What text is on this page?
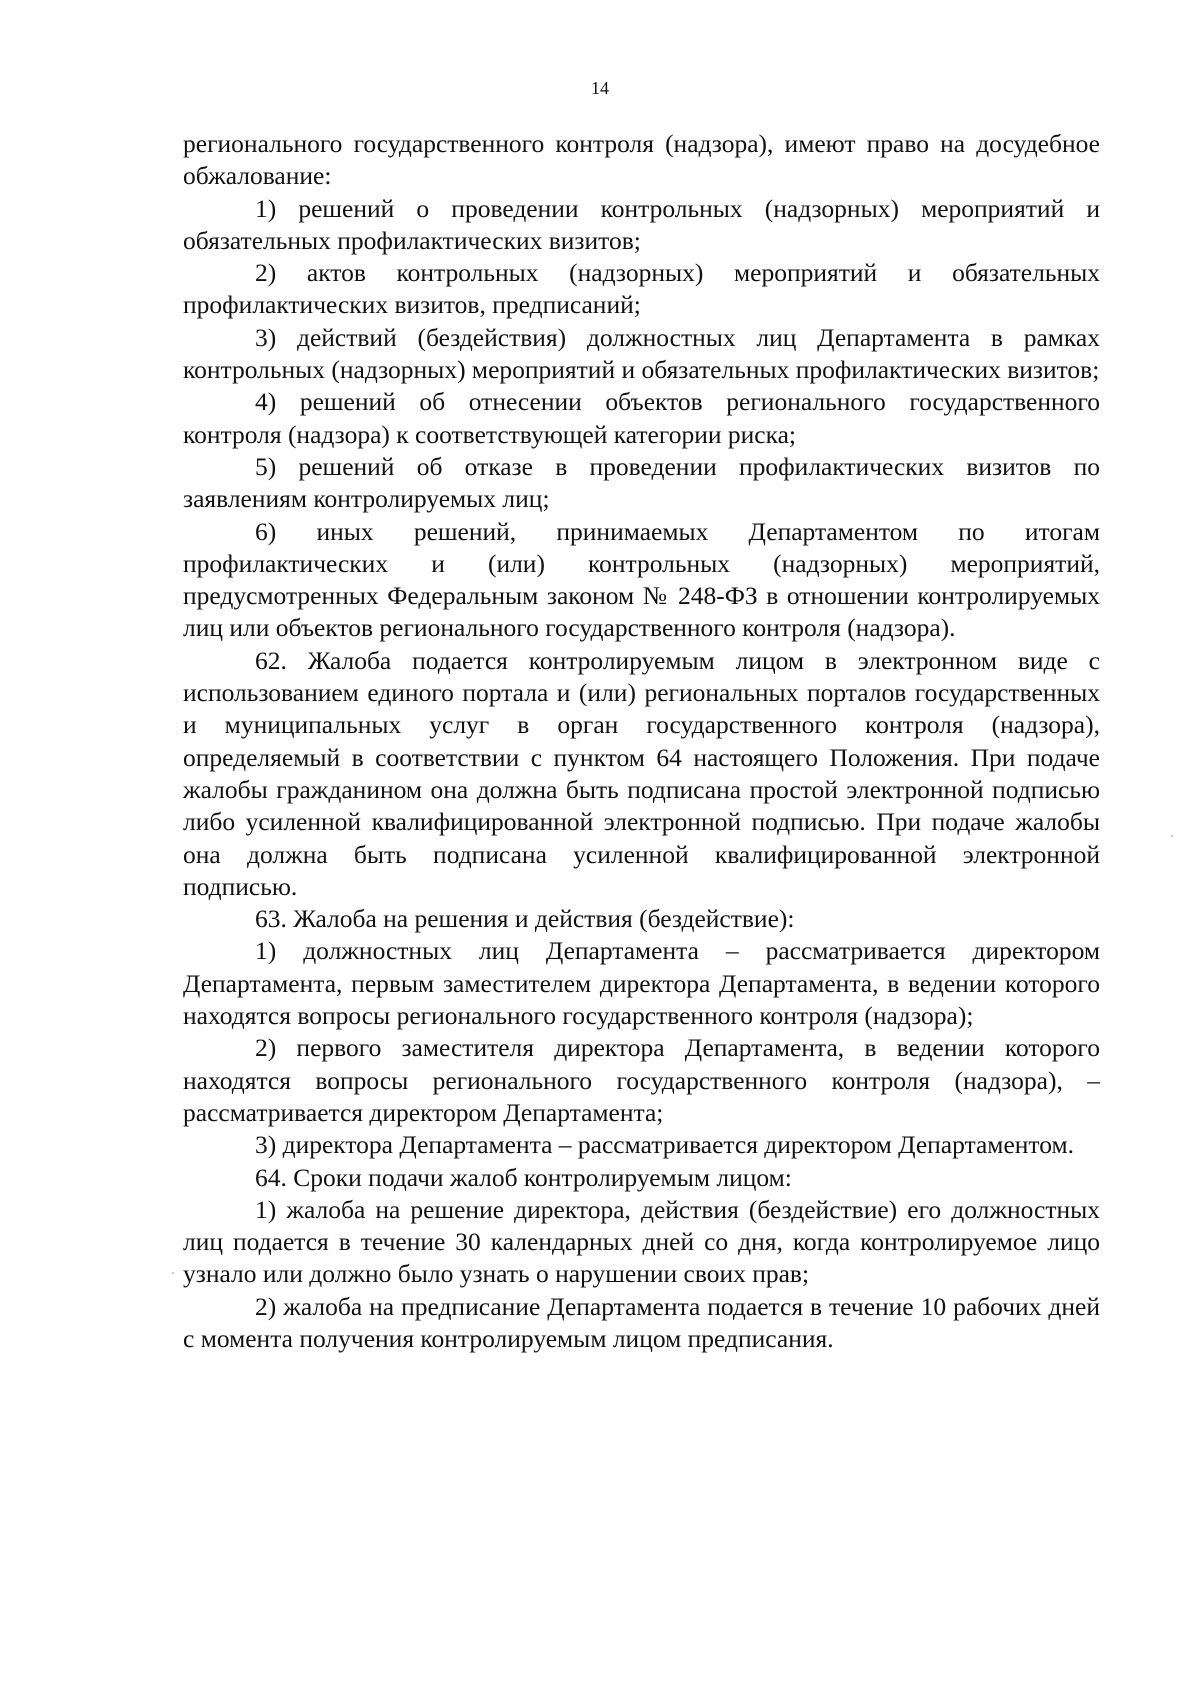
14

регионального государственного контроля (надзора), имеют право на досудебное обжалование:

1) решений о проведении контрольных (надзорных) мероприятий и обязательных профилактических визитов;

2) актов контрольных (надзорных) мероприятий и обязательных профилактических визитов, предписаний;

3) действий (бездействия) должностных лиц Департамента в рамках контрольных (надзорных) мероприятий и обязательных профилактических визитов;

4) решений об отнесении объектов регионального государственного контроля (надзора) к соответствующей категории риска;

5) решений об отказе в проведении профилактических визитов по заявлениям контролируемых лиц;

6) иных решений, принимаемых Департаментом по итогам профилактических и (или) контрольных (надзорных) мероприятий, предусмотренных Федеральным законом № 248-ФЗ в отношении контролируемых лиц или объектов регионального государственного контроля (надзора).

62. Жалоба подается контролируемым лицом в электронном виде с использованием единого портала и (или) региональных порталов государственных и муниципальных услуг в орган государственного контроля (надзора), определяемый в соответствии с пунктом 64 настоящего Положения. При подаче жалобы гражданином она должна быть подписана простой электронной подписью либо усиленной квалифицированной электронной подписью. При подаче жалобы она должна быть подписана усиленной квалифицированной электронной подписью.

63. Жалоба на решения и действия (бездействие):

1) должностных лиц Департамента – рассматривается директором Департамента, первым заместителем директора Департамента, в ведении которого находятся вопросы регионального государственного контроля (надзора);

2) первого заместителя директора Департамента, в ведении которого находятся вопросы регионального государственного контроля (надзора), – рассматривается директором Департамента;

3) директора Департамента – рассматривается директором Департаментом.

64. Сроки подачи жалоб контролируемым лицом:

1) жалоба на решение директора, действия (бездействие) его должностных лиц подается в течение 30 календарных дней со дня, когда контролируемое лицо узнало или должно было узнать о нарушении своих прав;

2) жалоба на предписание Департамента подается в течение 10 рабочих дней с момента получения контролируемым лицом предписания.
